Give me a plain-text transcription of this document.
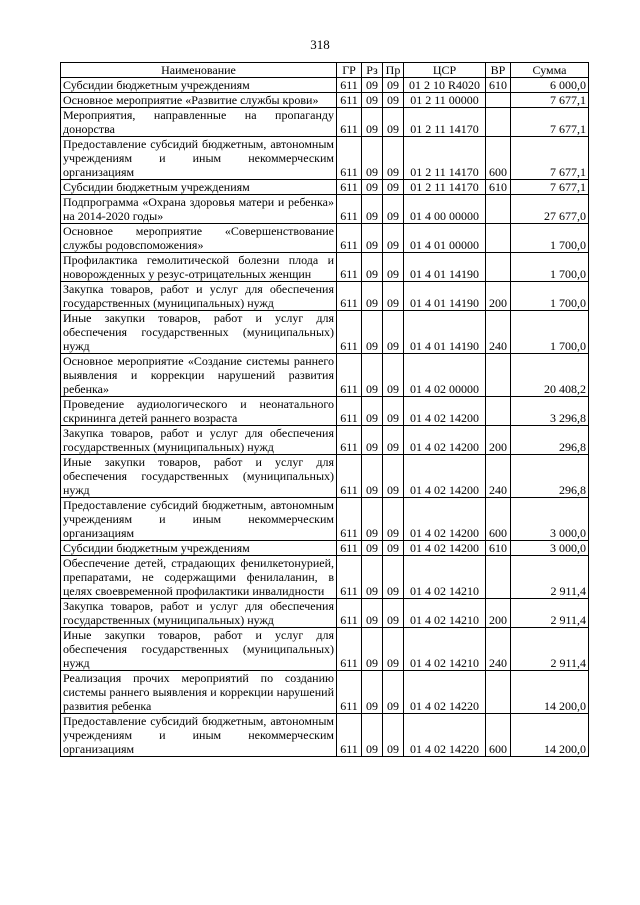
318
Наименование	ГР	Рз	Пр	ЦСР	ВР	Сумма
Субсидии бюджетным учреждениям	611	09	09	01 2 10 R4020	610	6 000,0
Основное мероприятие «Развитие службы крови»	611	09	09	01 2 11 00000		7 677,1
Мероприятия, направленные на пропаганду донорства	611	09	09	01 2 11 14170		7 677,1
Предоставление субсидий бюджетным, автономным учреждениям и иным некоммерческим организациям	611	09	09	01 2 11 14170	600	7 677,1
Субсидии бюджетным учреждениям	611	09	09	01 2 11 14170	610	7 677,1
Подпрограмма «Охрана здоровья матери и ребенка» на 2014-2020 годы»	611	09	09	01 4 00 00000		27 677,0
Основное мероприятие «Совершенствование службы родовспоможения»	611	09	09	01 4 01 00000		1 700,0
Профилактика гемолитической болезни плода и новорожденных у резус-отрицательных женщин	611	09	09	01 4 01 14190		1 700,0
Закупка товаров, работ и услуг для обеспечения государственных (муниципальных) нужд	611	09	09	01 4 01 14190	200	1 700,0
Иные закупки товаров, работ и услуг для обеспечения государственных (муниципальных) нужд	611	09	09	01 4 01 14190	240	1 700,0
Основное мероприятие «Создание системы раннего выявления и коррекции нарушений развития ребенка»	611	09	09	01 4 02 00000		20 408,2
Проведение аудиологического и неонатального скрининга детей раннего возраста	611	09	09	01 4 02 14200		3 296,8
Закупка товаров, работ и услуг для обеспечения государственных (муниципальных) нужд	611	09	09	01 4 02 14200	200	296,8
Иные закупки товаров, работ и услуг для обеспечения государственных (муниципальных) нужд	611	09	09	01 4 02 14200	240	296,8
Предоставление субсидий бюджетным, автономным учреждениям и иным некоммерческим организациям	611	09	09	01 4 02 14200	600	3 000,0
Субсидии бюджетным учреждениям	611	09	09	01 4 02 14200	610	3 000,0
Обеспечение детей, страдающих фенилкетонурией, препаратами, не содержащими фенилаланин, в целях своевременной профилактики инвалидности	611	09	09	01 4 02 14210		2 911,4
Закупка товаров, работ и услуг для обеспечения государственных (муниципальных) нужд	611	09	09	01 4 02 14210	200	2 911,4
Иные закупки товаров, работ и услуг для обеспечения государственных (муниципальных) нужд	611	09	09	01 4 02 14210	240	2 911,4
Реализация прочих мероприятий по созданию системы раннего выявления и коррекции нарушений развития ребенка	611	09	09	01 4 02 14220		14 200,0
Предоставление субсидий бюджетным, автономным учреждениям и иным некоммерческим организациям	611	09	09	01 4 02 14220	600	14 200,0
